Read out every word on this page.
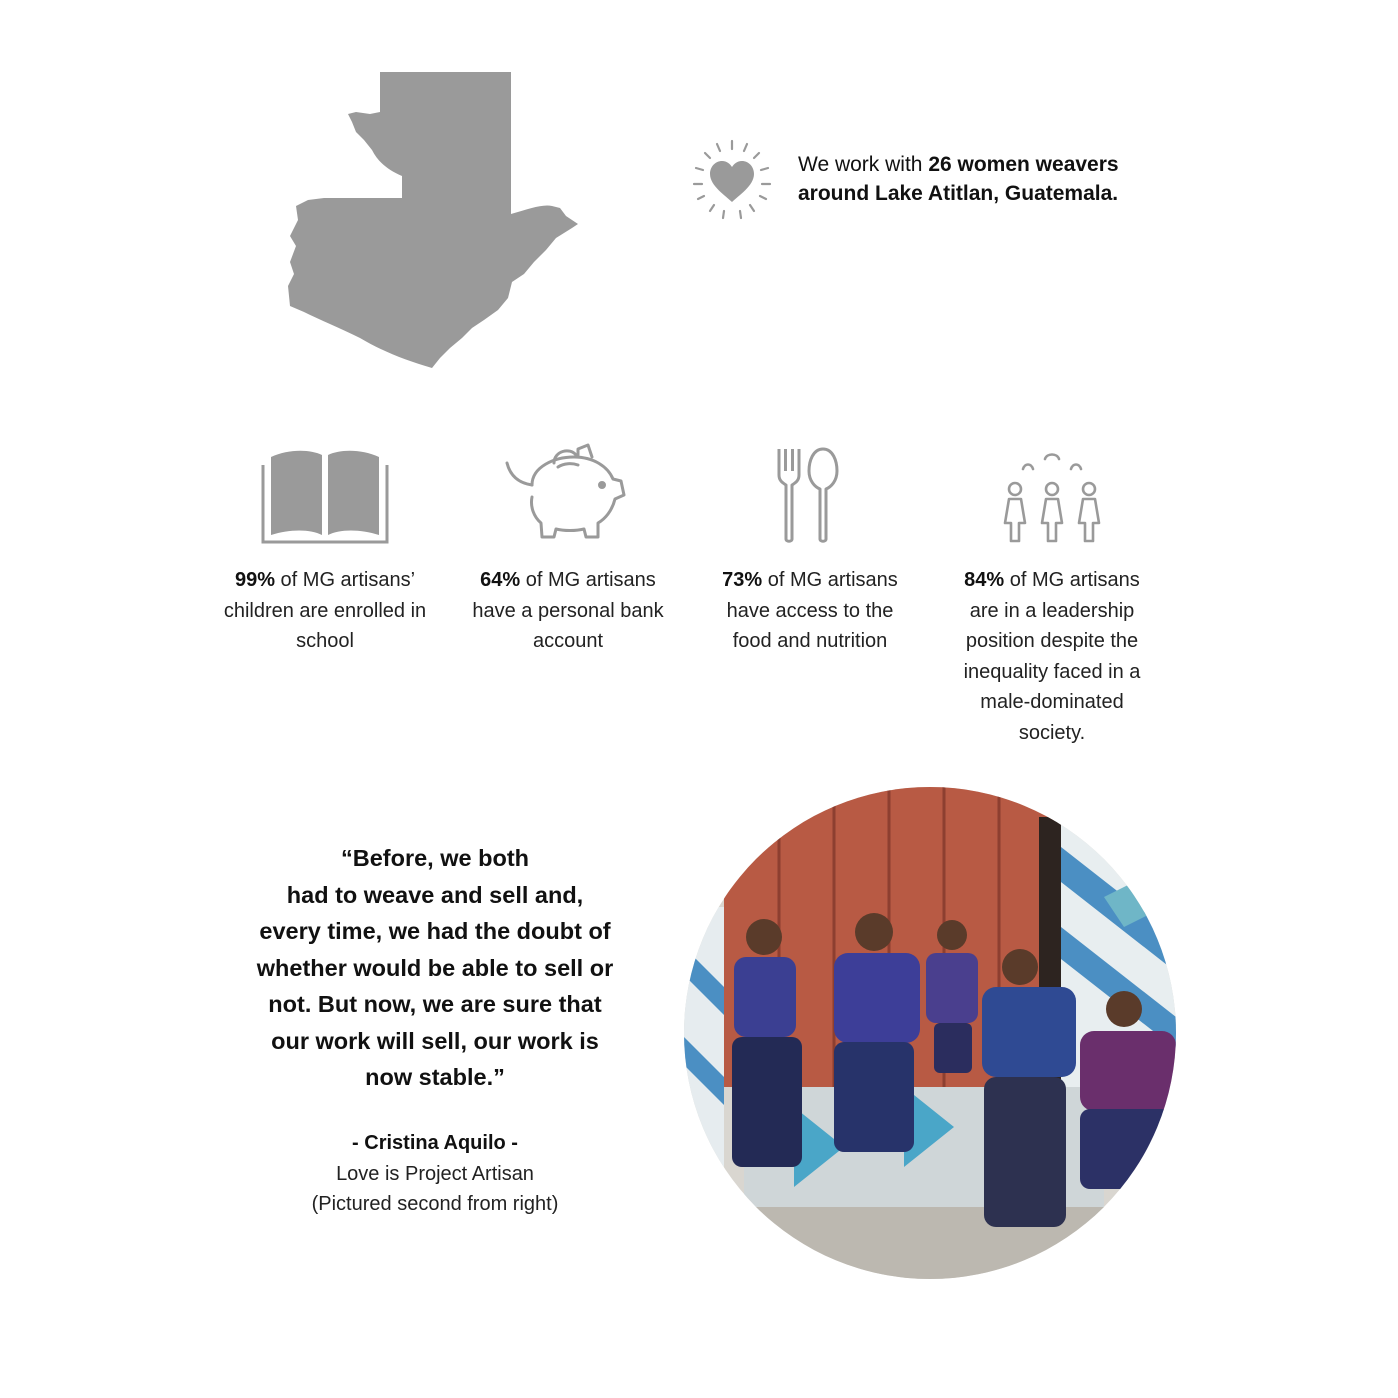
We work with 26 women weavers
around Lake Atitlan, Guatemala.
99% of MG artisans’
children are enrolled in
school
64% of MG artisans
have a personal bank
account
73% of MG artisans
have access to the
food and nutrition
84% of MG artisans
are in a leadership
position despite the
inequality faced in a
male-dominated
society.
“Before, we both
had to weave and sell and,
every time, we had the doubt of
whether would be able to sell or
not. But now, we are sure that
our work will sell, our work is
now stable.”
- Cristina Aquilo -
Love is Project Artisan
(Pictured second from right)
